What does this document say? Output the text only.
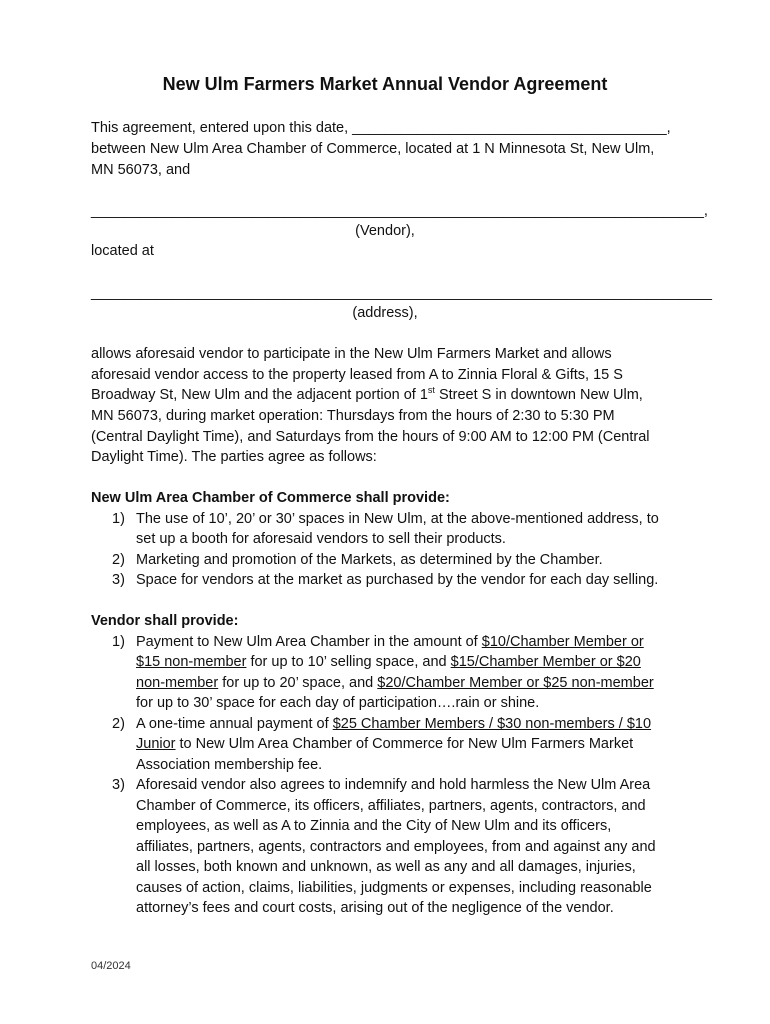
New Ulm Farmers Market Annual Vendor Agreement
This agreement, entered upon this date, _______________________________________,
between New Ulm Area Chamber of Commerce, located at 1 N Minnesota St, New Ulm,
MN 56073, and
____________________________________________________________________________,
(Vendor),
located at
_____________________________________________________________________________
(address),
allows aforesaid vendor to participate in the New Ulm Farmers Market and allows
aforesaid vendor access to the property leased from A to Zinnia Floral & Gifts, 15 S
Broadway St, New Ulm and the adjacent portion of 1st Street S in downtown New Ulm,
MN 56073, during market operation: Thursdays from the hours of 2:30 to 5:30 PM
(Central Daylight Time), and Saturdays from the hours of 9:00 AM to 12:00 PM (Central
Daylight Time). The parties agree as follows:
New Ulm Area Chamber of Commerce shall provide:
1) The use of 10’, 20’ or 30’ spaces in New Ulm, at the above-mentioned address, to
set up a booth for aforesaid vendors to sell their products.
2) Marketing and promotion of the Markets, as determined by the Chamber.
3) Space for vendors at the market as purchased by the vendor for each day selling.
Vendor shall provide:
1) Payment to New Ulm Area Chamber in the amount of $10/Chamber Member or
$15 non-member for up to 10’ selling space, and $15/Chamber Member or $20
non-member for up to 20’ space, and $20/Chamber Member or $25 non-member
for up to 30’ space for each day of participation….rain or shine.
2) A one-time annual payment of $25 Chamber Members / $30 non-members / $10
Junior to New Ulm Area Chamber of Commerce for New Ulm Farmers Market
Association membership fee.
3) Aforesaid vendor also agrees to indemnify and hold harmless the New Ulm Area
Chamber of Commerce, its officers, affiliates, partners, agents, contractors, and
employees, as well as A to Zinnia and the City of New Ulm and its officers,
affiliates, partners, agents, contractors and employees, from and against any and
all losses, both known and unknown, as well as any and all damages, injuries,
causes of action, claims, liabilities, judgments or expenses, including reasonable
attorney’s fees and court costs, arising out of the negligence of the vendor.
04/2024
